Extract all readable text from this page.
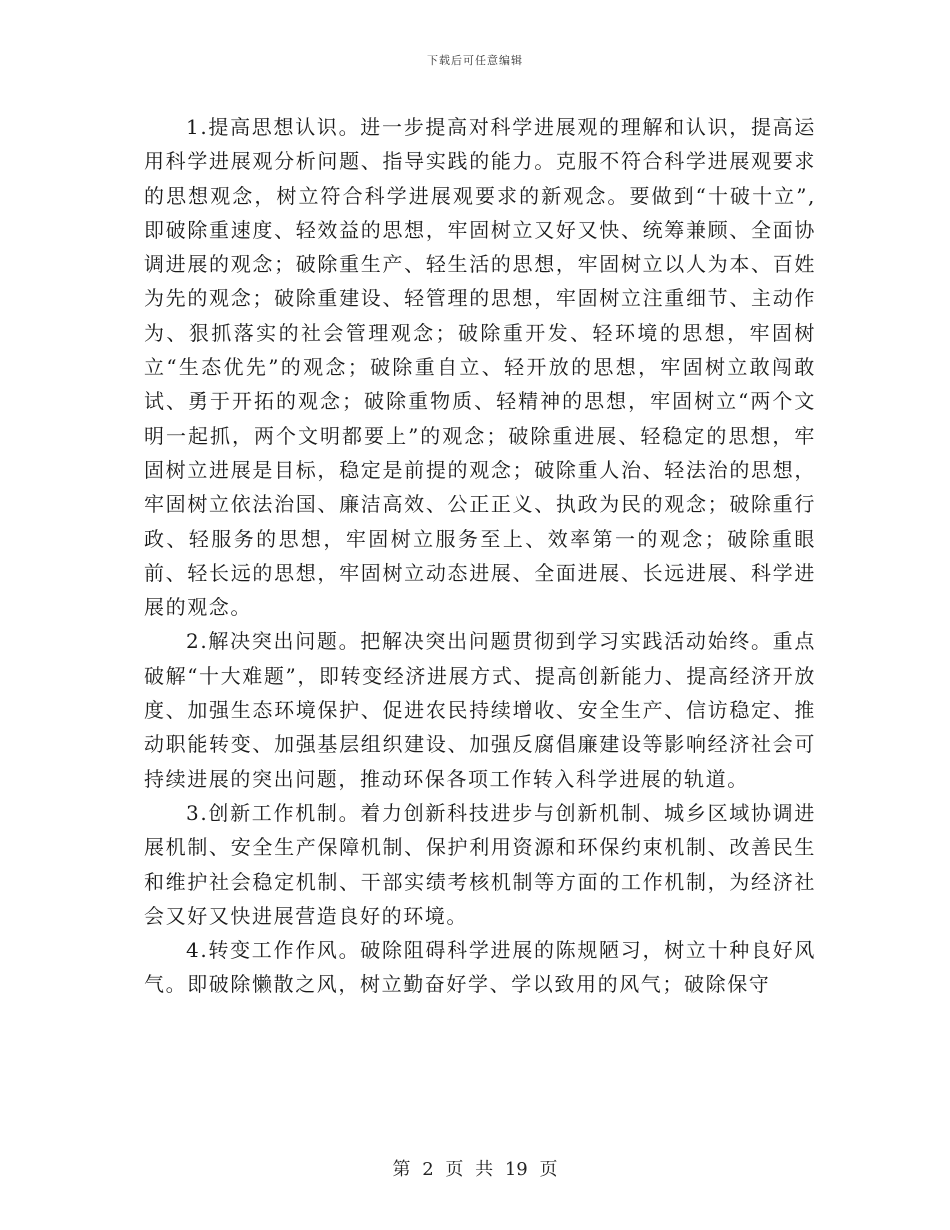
下载后可任意编辑

1.提高思想认识。进一步提高对科学进展观的理解和认识，提高运用科学进展观分析问题、指导实践的能力。克服不符合科学进展观要求的思想观念，树立符合科学进展观要求的新观念。要做到“十破十立”,即破除重速度、轻效益的思想，牢固树立又好又快、统筹兼顾、全面协调进展的观念；破除重生产、轻生活的思想，牢固树立以人为本、百姓为先的观念；破除重建设、轻管理的思想，牢固树立注重细节、主动作为、狠抓落实的社会管理观念；破除重开发、轻环境的思想，牢固树立“生态优先”的观念；破除重自立、轻开放的思想，牢固树立敢闯敢试、勇于开拓的观念；破除重物质、轻精神的思想，牢固树立“两个文明一起抓，两个文明都要上”的观念；破除重进展、轻稳定的思想，牢固树立进展是目标，稳定是前提的观念；破除重人治、轻法治的思想，牢固树立依法治国、廉洁高效、公正正义、执政为民的观念；破除重行政、轻服务的思想，牢固树立服务至上、效率第一的观念；破除重眼前、轻长远的思想，牢固树立动态进展、全面进展、长远进展、科学进展的观念。

2.解决突出问题。把解决突出问题贯彻到学习实践活动始终。重点破解“十大难题”，即转变经济进展方式、提高创新能力、提高经济开放度、加强生态环境保护、促进农民持续增收、安全生产、信访稳定、推动职能转变、加强基层组织建设、加强反腐倡廉建设等影响经济社会可持续进展的突出问题，推动环保各项工作转入科学进展的轨道。

3.创新工作机制。着力创新科技进步与创新机制、城乡区域协调进展机制、安全生产保障机制、保护利用资源和环保约束机制、改善民生和维护社会稳定机制、干部实绩考核机制等方面的工作机制，为经济社会又好又快进展营造良好的环境。

4.转变工作作风。破除阻碍科学进展的陈规陋习，树立十种良好风气。即破除懒散之风，树立勤奋好学、学以致用的风气；破除保守

第 2 页 共 19 页
